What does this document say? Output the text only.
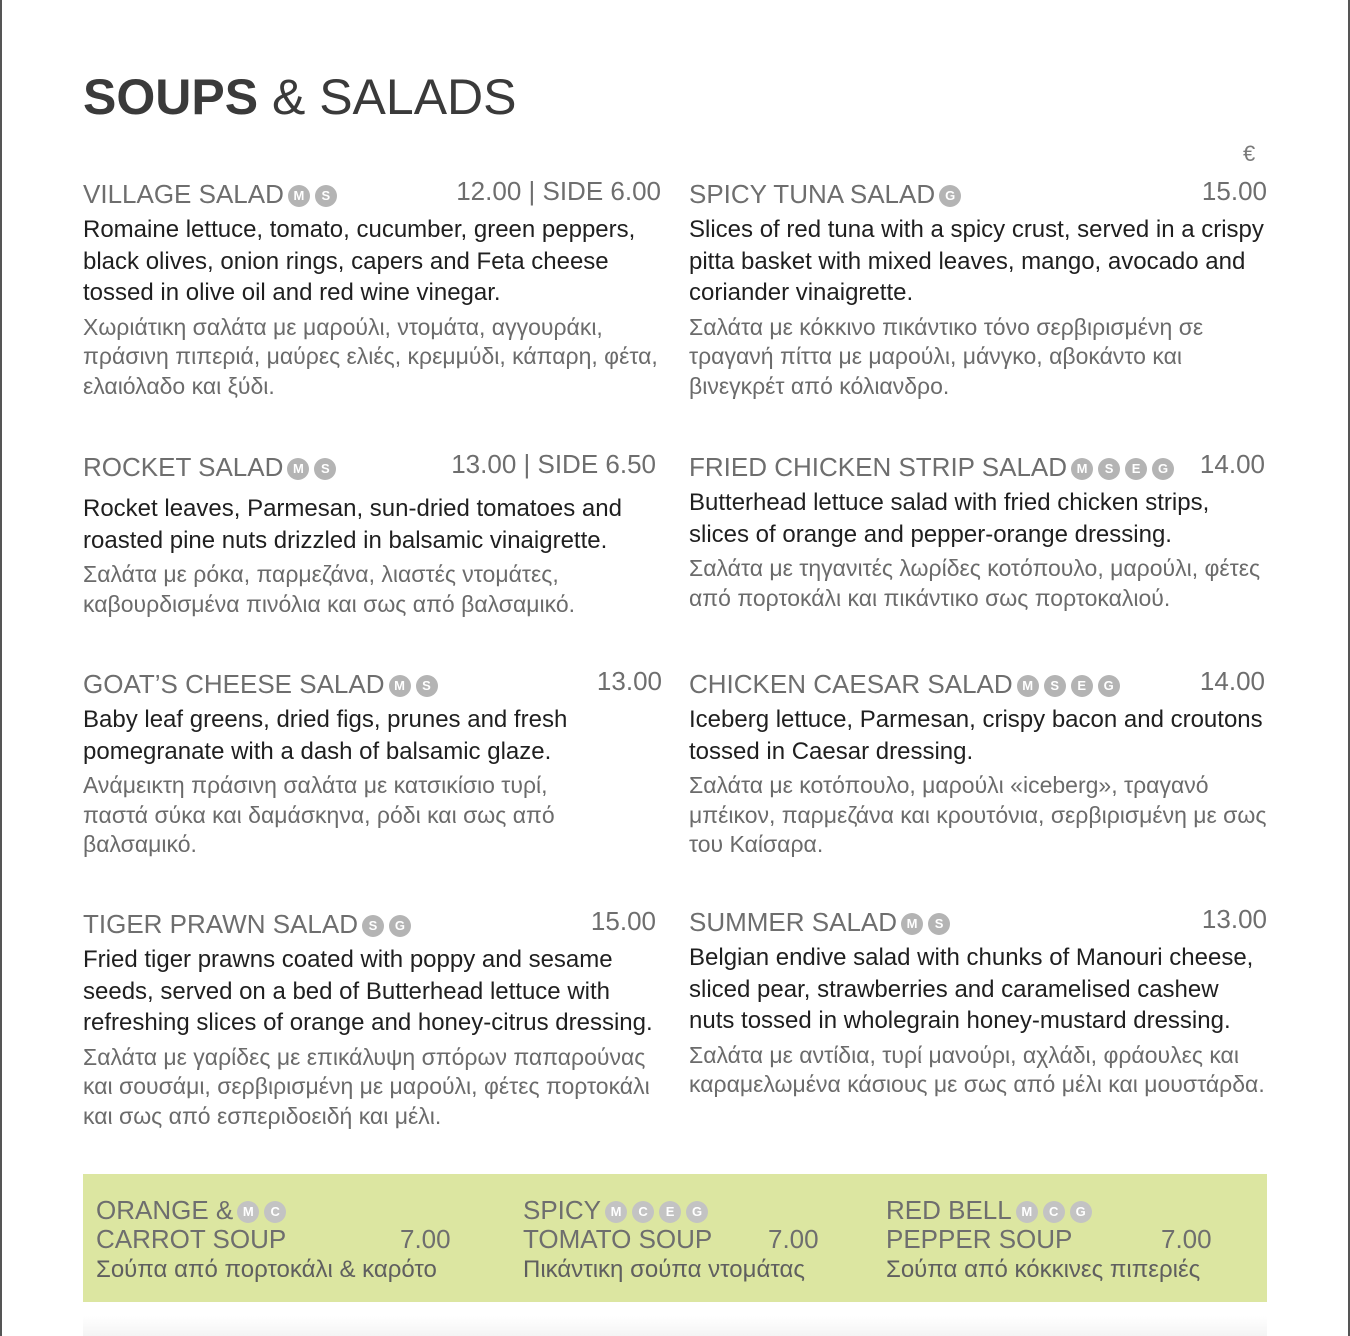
SOUPS & SALADS
€
VILLAGE SALAD M S	12.00 | SIDE 6.00

Romaine lettuce, tomato, cucumber, green peppers, black olives, onion rings, capers and Feta cheese tossed in olive oil and red wine vinegar.

Χωριάτικη σαλάτα με μαρούλι, ντομάτα, αγγουράκι, πράσινη πιπεριά, μαύρες ελιές, κρεμμύδι, κάπαρη, φέτα, ελαιόλαδο και ξύδι.

ROCKET SALAD M S	13.00 | SIDE 6.50

Rocket leaves, Parmesan, sun-dried tomatoes and roasted pine nuts drizzled in balsamic vinaigrette.

Σαλάτα με ρόκα, παρμεζάνα, λιαστές ντομάτες, καβουρδισμένα πινόλια και σως από βαλσαμικό.

GOAT’S CHEESE SALAD M S	13.00

Baby leaf greens, dried figs, prunes and fresh pomegranate with a dash of balsamic glaze.

Ανάμεικτη πράσινη σαλάτα με κατσικίσιο τυρί, παστά σύκα και δαμάσκηνα, ρόδι και σως από βαλσαμικό.

TIGER PRAWN SALAD S G	15.00

Fried tiger prawns coated with poppy and sesame seeds, served on a bed of Butterhead lettuce with refreshing slices of orange and honey-citrus dressing.

Σαλάτα με γαρίδες με επικάλυψη σπόρων παπαρούνας και σουσάμι, σερβιρισμένη με μαρούλι, φέτες πορτοκάλι και σως από εσπεριδοειδή και μέλι.

SPICY TUNA SALAD G	15.00

Slices of red tuna with a spicy crust, served in a crispy pitta basket with mixed leaves, mango, avocado and coriander vinaigrette.

Σαλάτα με κόκκινο πικάντικο τόνο σερβιρισμένη σε τραγανή πίττα με μαρούλι, μάνγκο, αβοκάντο και βινεγκρέτ από κόλιανδρο.

FRIED CHICKEN STRIP SALAD M S E G	14.00

Butterhead lettuce salad with fried chicken strips, slices of orange and pepper-orange dressing.

Σαλάτα με τηγανιτές λωρίδες κοτόπουλο, μαρούλι, φέτες από πορτοκάλι και πικάντικο σως πορτοκαλιού.

CHICKEN CAESAR SALAD M S E G	14.00

Iceberg lettuce, Parmesan, crispy bacon and croutons tossed in Caesar dressing.

Σαλάτα με κοτόπουλο, μαρούλι «iceberg», τραγανό μπέικον, παρμεζάνα και κρουτόνια, σερβιρισμένη με σως του Καίσαρα.

SUMMER SALAD M S	13.00

Belgian endive salad with chunks of Manouri cheese, sliced pear, strawberries and caramelised cashew nuts tossed in wholegrain honey-mustard dressing.

Σαλάτα με αντίδια, τυρί μανούρι, αχλάδι, φράουλες και καραμελωμένα κάσιους με σως από μέλι και μουστάρδα.

ORANGE & M C
CARROT SOUP	7.00
Σούπα από πορτοκάλι & καρότο
SPICY M C E G
TOMATO SOUP 7.00
Πικάντικη σούπα ντομάτας
RED BELL M C G
PEPPER SOUP	7.00
Σούπα από κόκκινες πιπεριές
